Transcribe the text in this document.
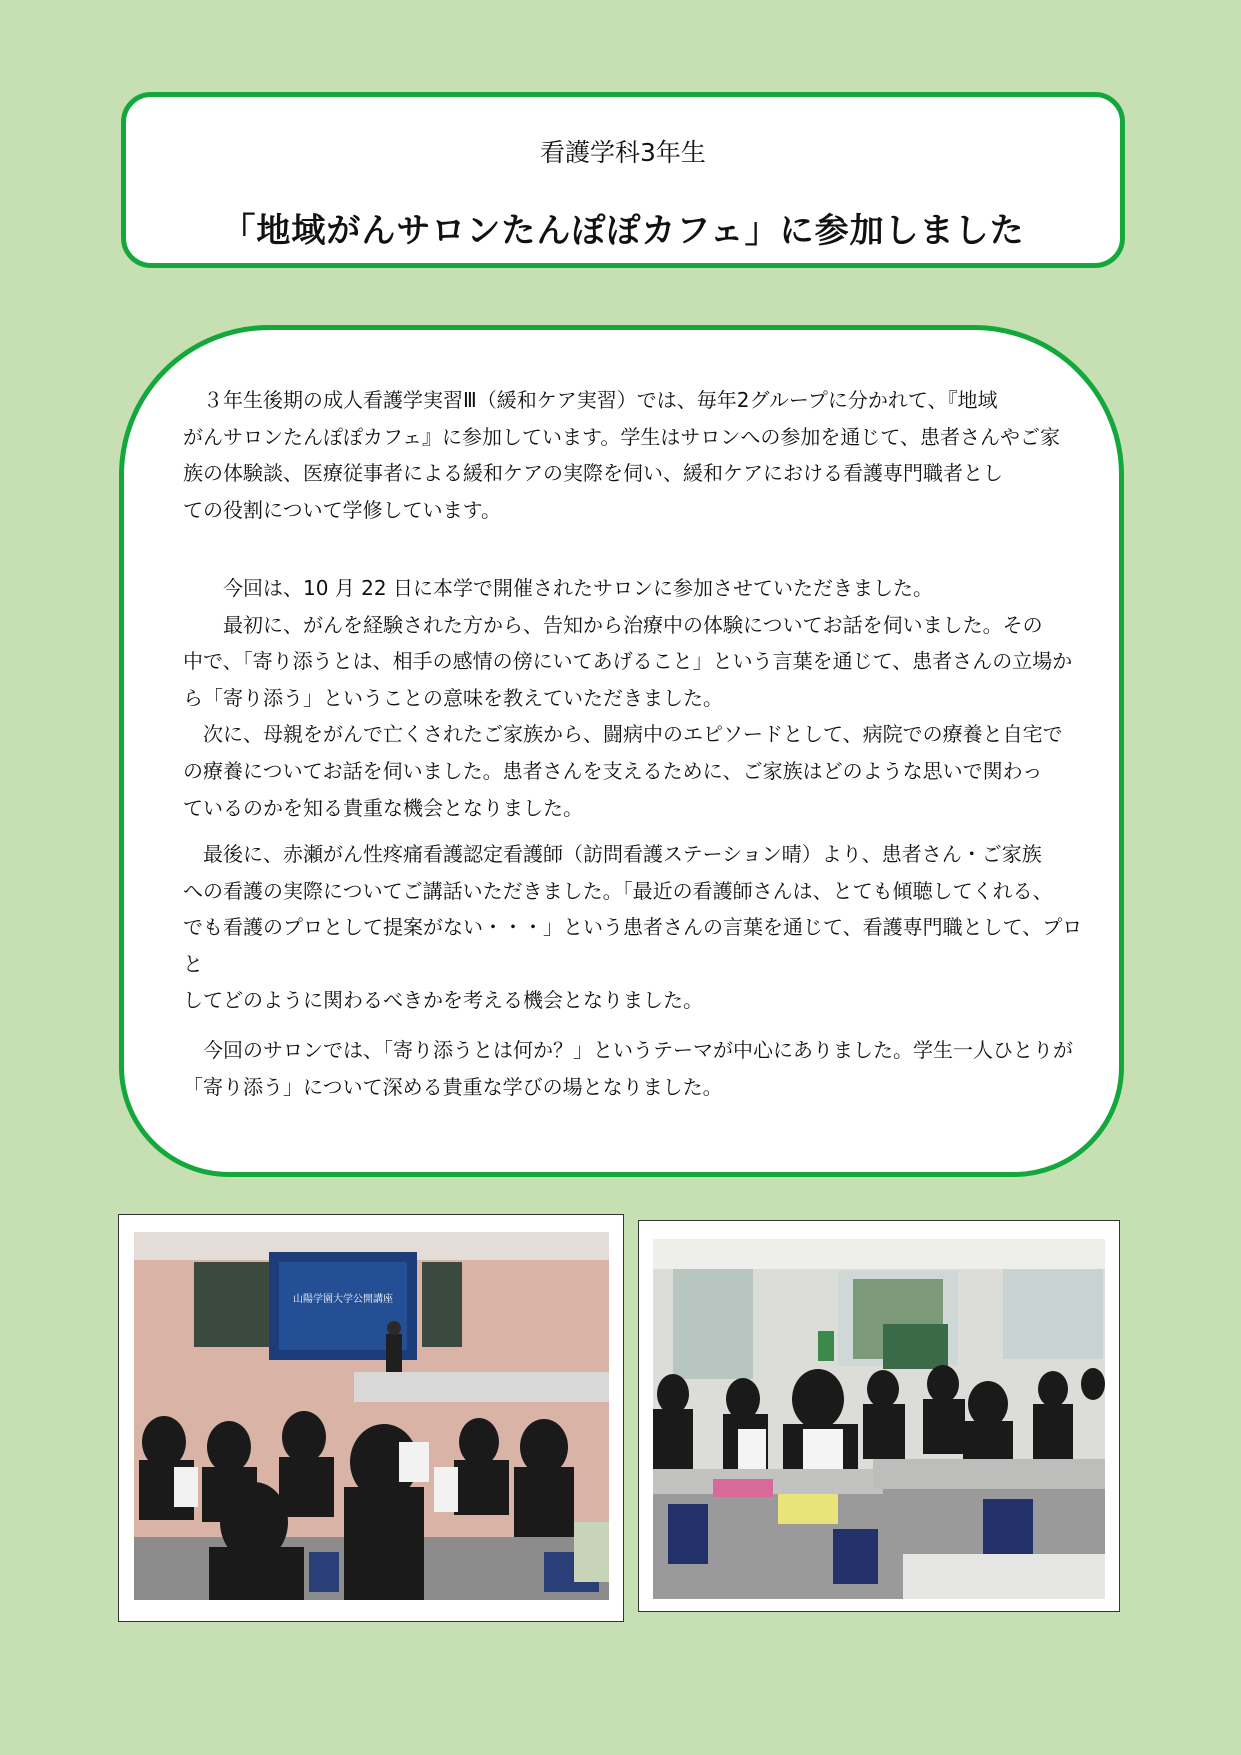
看護学科3年生
「地域がんサロンたんぽぽカフェ」に参加しました

　３年生後期の成人看護学実習Ⅲ（緩和ケア実習）では、毎年2グループに分かれて、『地域
がんサロンたんぽぽカフェ』に参加しています。学生はサロンへの参加を通じて、患者さんやご家
族の体験談、医療従事者による緩和ケアの実際を伺い、緩和ケアにおける看護専門職者とし
ての役割について学修しています。

　　今回は、10 月 22 日に本学で開催されたサロンに参加させていただきました。
　　最初に、がんを経験された方から、告知から治療中の体験についてお話を伺いました。その
中で、「寄り添うとは、相手の感情の傍にいてあげること」という言葉を通じて、患者さんの立場か
ら「寄り添う」ということの意味を教えていただきました。
　次に、母親をがんで亡くされたご家族から、闘病中のエピソードとして、病院での療養と自宅で
の療養についてお話を伺いました。患者さんを支えるために、ご家族はどのような思いで関わっ
ているのかを知る貴重な機会となりました。

　最後に、赤瀬がん性疼痛看護認定看護師（訪問看護ステーション晴）より、患者さん・ご家族
への看護の実際についてご講話いただきました。「最近の看護師さんは、とても傾聴してくれる、
でも看護のプロとして提案がない・・・」という患者さんの言葉を通じて、看護専門職として、プロと
してどのように関わるべきかを考える機会となりました。

　今回のサロンでは、「寄り添うとは何か？」というテーマが中心にありました。学生一人ひとりが
「寄り添う」について深める貴重な学びの場となりました。

山陽学園大学公開講座
